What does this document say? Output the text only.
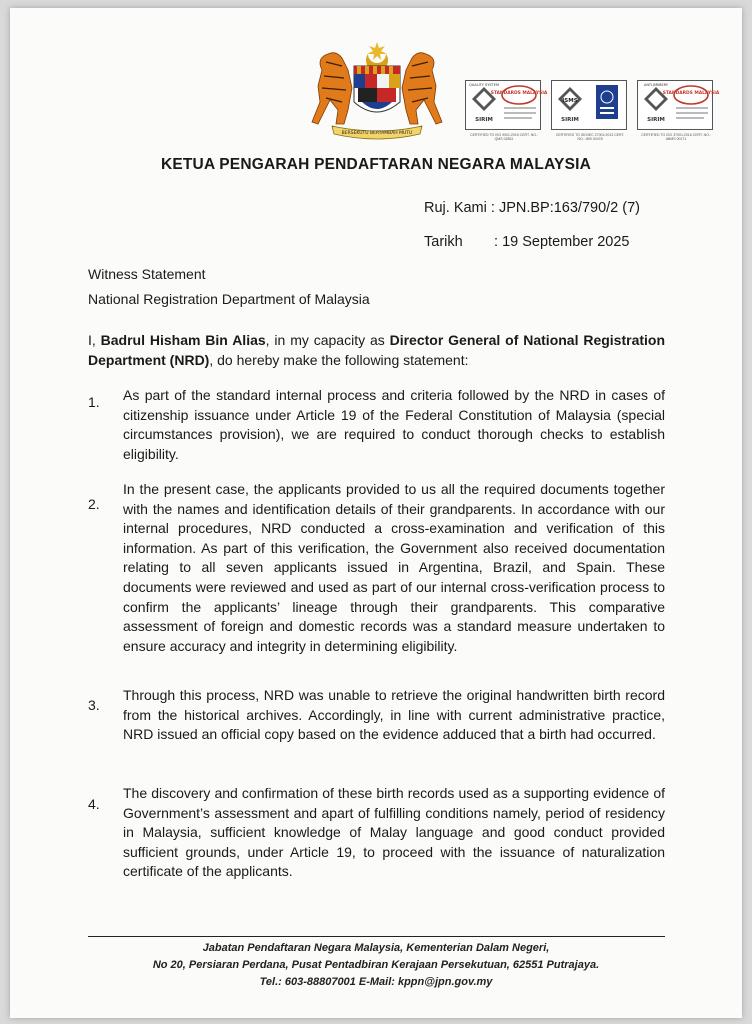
BERSEKUTU BERTAMBAH MUTU
QUALITY SYSTEM
SIRIM
STANDARDS MALAYSIA
CERTIFIED TO ISO 9001:2015 CERT. NO.: QMS 02861
ISMS
SIRIM
CERTIFIED TO ISO/IEC 27001:2013 CERT. NO.: IMS 00478
ANTI-BRIBERY
SIRIM
STANDARDS MALAYSIA
CERTIFIED TO ISO 37001:2016 CERT. NO.: ABMS 00171
KETUA PENGARAH PENDAFTARAN NEGARA MALAYSIA
Ruj. Kami : JPN.BP:163/790/2 (7)
Tarikh : 19 September 2025
Witness Statement
National Registration Department of Malaysia
I, Badrul Hisham Bin Alias, in my capacity as Director General of National Registration Department (NRD), do hereby make the following statement:
1. As part of the standard internal process and criteria followed by the NRD in cases of citizenship issuance under Article 19 of the Federal Constitution of Malaysia (special circumstances provision), we are required to conduct thorough checks to establish eligibility.
2.
In the present case, the applicants provided to us all the required documents together with the names and identification details of their grandparents. In accordance with our internal procedures, NRD conducted a cross-examination and verification of this information. As part of this verification, the Government also received documentation relating to all seven applicants issued in Argentina, Brazil, and Spain. These documents were reviewed and used as part of our internal cross-verification process to confirm the applicants’ lineage through their grandparents. This comparative assessment of foreign and domestic records was a standard measure undertaken to ensure accuracy and integrity in determining eligibility.
3.
Through this process, NRD was unable to retrieve the original handwritten birth record from the historical archives. Accordingly, in line with current administrative practice, NRD issued an official copy based on the evidence adduced that a birth had occurred.
4.
The discovery and confirmation of these birth records used as a supporting evidence of Government’s assessment and apart of fulfilling conditions namely, period of residency in Malaysia, sufficient knowledge of Malay language and good conduct provided sufficient grounds, under Article 19, to proceed with the issuance of naturalization certificate of the applicants.
Jabatan Pendaftaran Negara Malaysia, Kementerian Dalam Negeri,
No 20, Persiaran Perdana, Pusat Pentadbiran Kerajaan Persekutuan, 62551 Putrajaya.
Tel.: 603-88807001 E-Mail: kppn@jpn.gov.my
